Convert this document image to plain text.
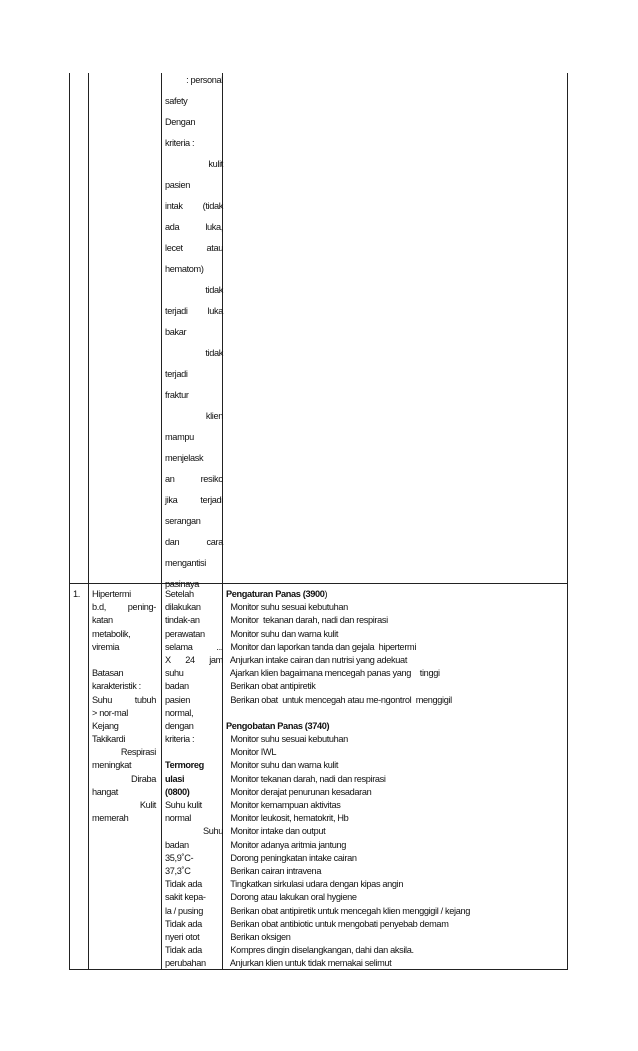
: personal
safety
Dengan
kriteria :
kulit
pasien
intak (tidak
ada luka,
lecet atau
hematom)
tidak
terjadi luka
bakar
tidak
terjadi
fraktur
klien
mampu
menjelask
an resiko
jika terjadi
serangan
dan cara
mengantisi
pasinaya
1.	Hipertermi
b.d, pening-
katan
metabolik,
viremia
Batasan
karakteristik :
Suhu tubuh
> nor-mal
Kejang
Takikardi
Respirasi
meningkat
Diraba
hangat
Kulit
memerah
Setelah
dilakukan
tindak-an
perawatan
selama ...
X 24 jam
suhu
badan
pasien
normal,
dengan
kriteria :
Termoreg
ulasi
(0800)
Suhu kulit
normal
Suhu
badan
35,9˚C-
37,3˚C
Tidak ada
sakit kepa-
la / pusing
Tidak ada
nyeri otot
Tidak ada
perubahan
Pengaturan Panas (3900)
Monitor suhu sesuai kebutuhan
Monitor  tekanan darah, nadi dan respirasi
Monitor suhu dan warna kulit
Monitor dan laporkan tanda dan gejala  hipertermi
Anjurkan intake cairan dan nutrisi yang adekuat
Ajarkan klien bagaimana mencegah panas yang    tinggi
Berikan obat antipiretik
Berikan obat  untuk mencegah atau me-ngontrol  menggigil
Pengobatan Panas (3740)
Monitor suhu sesuai kebutuhan
Monitor IWL
Monitor suhu dan warna kulit
Monitor tekanan darah, nadi dan respirasi
Monitor derajat penurunan kesadaran
Monitor kemampuan aktivitas
Monitor leukosit, hematokrit, Hb
Monitor intake dan output
Monitor adanya aritmia jantung
Dorong peningkatan intake cairan
Berikan cairan intravena
Tingkatkan sirkulasi udara dengan kipas angin
Dorong atau lakukan oral hygiene
Berikan obat antipiretik untuk mencegah klien menggigil / kejang
Berikan obat antibiotic untuk mengobati penyebab demam
Berikan oksigen
Kompres dingin diselangkangan, dahi dan aksila.
Anjurkan klien untuk tidak memakai selimut
